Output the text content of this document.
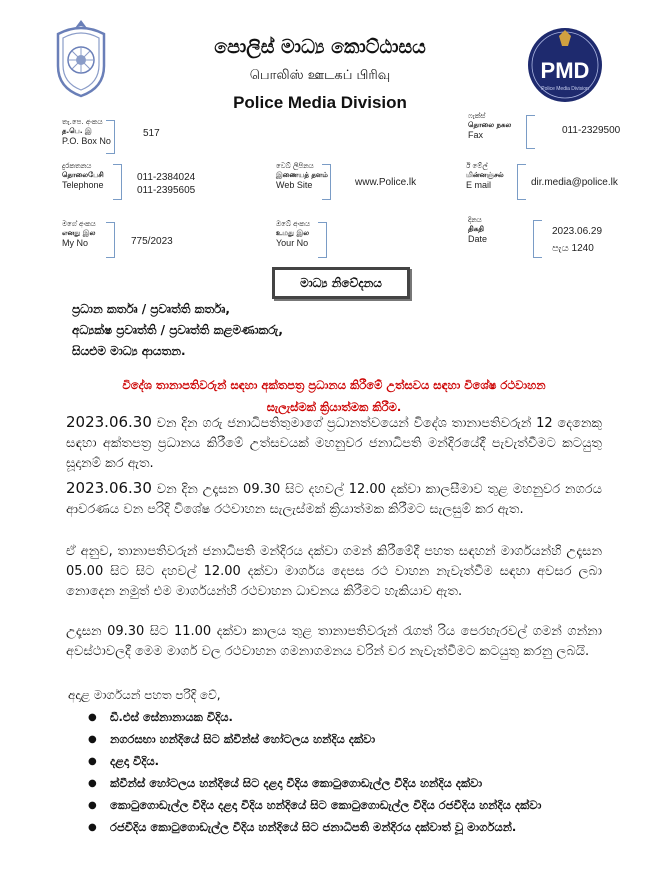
පොලිස් මාධ්‍ය කොට්ඨාසය
பொலிஸ் ஊடகப் பிரிவு
Police Media Division
PMD
Police Media Division
තැ.පෙ. අංකය
த.பெ. இ
P.O. Box No
517
ෆැක්ස්
தொலை நகல
Fax	011-2329500
දුරකතනය
தொலைபேசி
Telephone
011-2384024
011-2395605
වෙබ් ලිපිනය
இணையத் தளம்
Web Site	www.Police.lk
ඊ මේල්
மின்னஞ்சல்
E mail	dir.media@police.lk
මගේ අංකය
எனது இல
My No	775/2023
ඔබේ අංකය
உமது இல
Your No
දිනය
திகதி
Date
2023.06.29
පැය 1240
මාධ්‍ය නිවේදනය
ප්‍රධාන කර්තෘ / ප්‍රවෘත්ති කර්තෘ,
අධ්‍යක්ෂ ප්‍රවෘත්ති / ප්‍රවෘත්ති කළමණාකරු,
සියළුම මාධ්‍ය ආයතන.
විදේශ තානාපතිවරුන් සඳහා අක්තපත්‍ර ප්‍රධානය කිරීමේ උත්සවය සඳහා විශේෂ රථවාහන
සැලැස්මක් ක්‍රියාත්මක කිරීම.
2023.06.30 වන දින ගරු ජනාධිපතිතුමාගේ ප්‍රධානත්වයෙන් විදේශ තානාපතිවරුන් 12 දෙනෙකු සඳහා අක්තපත්‍ර ප්‍රධානය කිරීමේ උත්සවයක් මහනුවර ජනාධිපති මන්දිරයේදී පැවැත්වීමට කටයුතු සූදානම් කර ඇත.
2023.06.30 වන දින උදෑසන 09.30 සිට දහවල් 12.00 දක්වා කාලසීමාව තුළ මහනුවර නගරය ආවරණය වන පරිදි විශේෂ රථවාහන සැලැස්මක් ක්‍රියාත්මක කිරීමට සැලසුම් කර ඇත.
ඒ අනුව, තානාපතිවරුන් ජනාධිපති මන්දිරය දක්වා ගමන් කිරීමේදී පහත සඳහන් මාර්ගයන්හි උදෑසන 05.00 සිට සිට දහවල් 12.00 දක්වා මාර්ගය දෙපස රථ වාහන නැවැත්වීම සඳහා අවසර ලබා නොදෙන නමුත් එම මාර්ගයන්හි රථවාහන ධාවනය කිරීමට හැකියාව ඇත.
උදෑසන 09.30 සිට 11.00 දක්වා කාලය තුළ තානාපතිවරුන් රැගත් රිය පෙරහැරවල් ගමන් ගන්නා අවස්ථාවලදී මෙම මාර්ග වල රථවාහන ගමනාගමනය වරින් වර නැවැත්වීමට කටයුතු කරනු ලබයි.
අදාළ මාර්ගයන් පහත පරිදි වේ,
● ඩී.එස් සේනානායක වීදිය.
● නගරසභා හන්දියේ සිට ක්වීන්ස් හෝටලය හන්දිය දක්වා
● දළදා වීදිය.
● ක්වීන්ස් හෝටලය හන්දියේ සිට දළදා වීදිය කොටුගොඩැල්ල වීදිය හන්දිය දක්වා
● කොටුගොඩැල්ල වීදිය දළදා වීදිය හන්දියේ සිට කොටුගොඩැල්ල වීදිය රජවීදිය හන්දිය දක්වා
● රජවීදිය කොටුගොඩැල්ල වීදිය හන්දියේ සිට ජනාධිපති මන්දිරය දක්වාත් වූ මාර්ගයන්.
